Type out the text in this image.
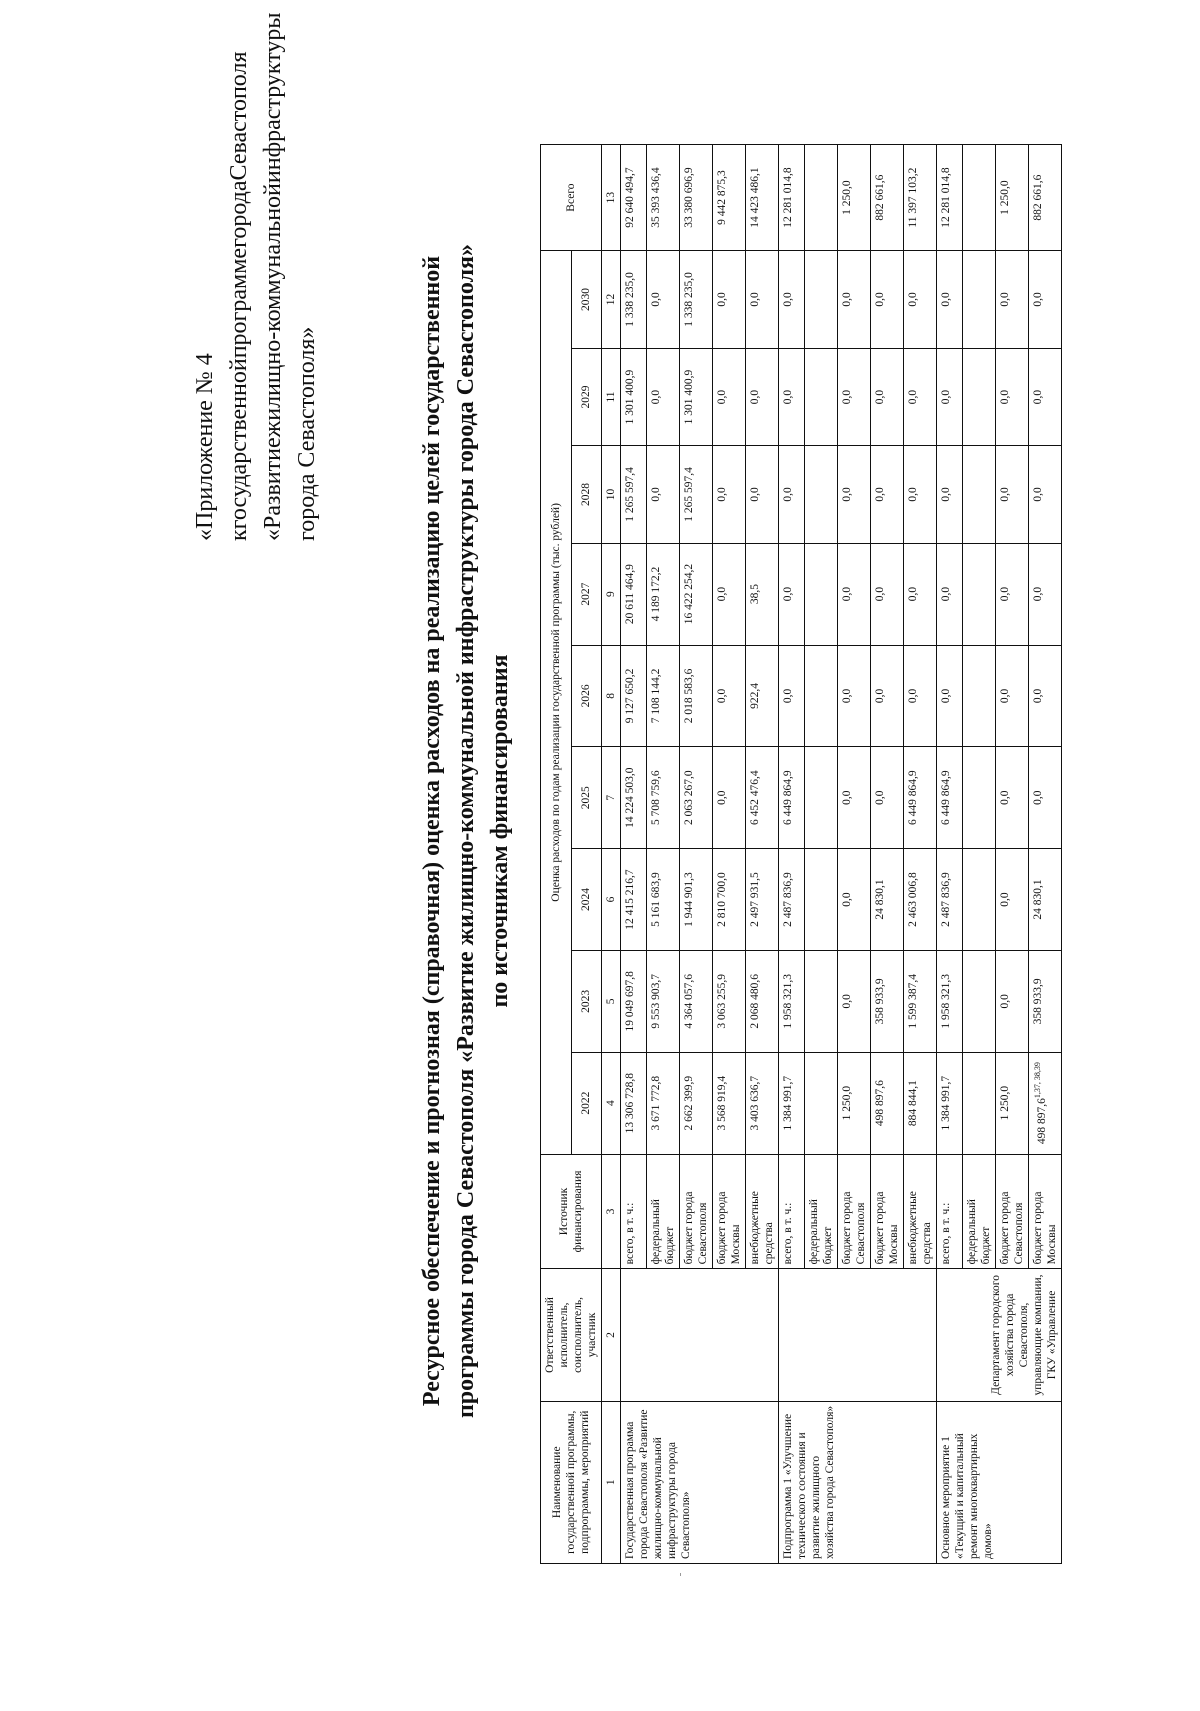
«Приложение № 4 к
государственной
программе
города
Севастополя
«Развитие
жилищно-коммунальной
инфраструктуры
города Севастополя»	Ресурсное обеспечение и прогнозная (справочная) оценка расходов на реализацию целей государственной программы города Севастополя «Развитие жилищно-коммунальной инфраструктуры города Севастополя» по источникам финансирования
Наименование государственной программы, подпрограммы, мероприятий	Ответственный исполнитель, соисполнитель, участник	Источник финансирования	Оценка расходов по годам реализации государственной программы (тыс. рублей)									Всего
			2022	2023	2024	2025	2026	2027	2028	2029	2030	
1	2	3	4	5	6	7	8	9	10	11	12	13
Государственная программа города Севастополя «Развитие жилищно-коммунальной инфраструктуры города Севастополя»		всего, в т. ч.:	13 306 728,8	19 049 697,8	12 415 216,7	14 224 503,0	9 127 650,2	20 611 464,9	1 265 597,4	1 301 400,9	1 338 235,0	92 640 494,7
		федеральный бюджет	3 671 772,8	9 553 903,7	5 161 683,9	5 708 759,6	7 108 144,2	4 189 172,2	0,0	0,0	0,0	35 393 436,4
		бюджет города Севастополя	2 662 399,9	4 364 057,6	1 944 901,3	2 063 267,0	2 018 583,6	16 422 254,2	1 265 597,4	1 301 400,9	1 338 235,0	33 380 696,9
		бюджет города Москвы	3 568 919,4	3 063 255,9	2 810 700,0	0,0	0,0	0,0	0,0	0,0	0,0	9 442 875,3
		внебюджетные средства	3 403 636,7	2 068 480,6	2 497 931,5	6 452 476,4	922,4	38,5	0,0	0,0	0,0	14 423 486,1
Подпрограмма 1 «Улучшение технического состояния и развитие жилищного хозяйства города Севастополя»		всего, в т. ч.:	1 384 991,7	1 958 321,3	2 487 836,9	6 449 864,9	0,0	0,0	0,0	0,0	0,0	12 281 014,8
		федеральный бюджет										
		бюджет города Севастополя	1 250,0	0,0	0,0	0,0	0,0	0,0	0,0	0,0	0,0	1 250,0
		бюджет города Москвы	498 897,6	358 933,9	24 830,1	0,0	0,0	0,0	0,0	0,0	0,0	882 661,6
		внебюджетные средства	884 844,1	1 599 387,4	2 463 006,8	6 449 864,9	0,0	0,0	0,0	0,0	0,0	11 397 103,2
Основное мероприятие 1 «Текущий и капитальный ремонт многоквартирных домов»	Департамент городского хозяйства города Севастополя, управляющие компании, ГКУ «Управление	всего, в т. ч.:	1 384 991,7	1 958 321,3	2 487 836,9	6 449 864,9	0,0	0,0	0,0	0,0	0,0	12 281 014,8
		федеральный бюджет										
		бюджет города Севастополя	1 250,0	0,0	0,0	0,0	0,0	0,0	0,0	0,0	0,0	1 250,0
		бюджет города Москвы	498 897,6$^{1,37, 38,39}$	358 933,9	24 830,1	0,0	0,0	0,0	0,0	0,0	0,0	882 661,6
